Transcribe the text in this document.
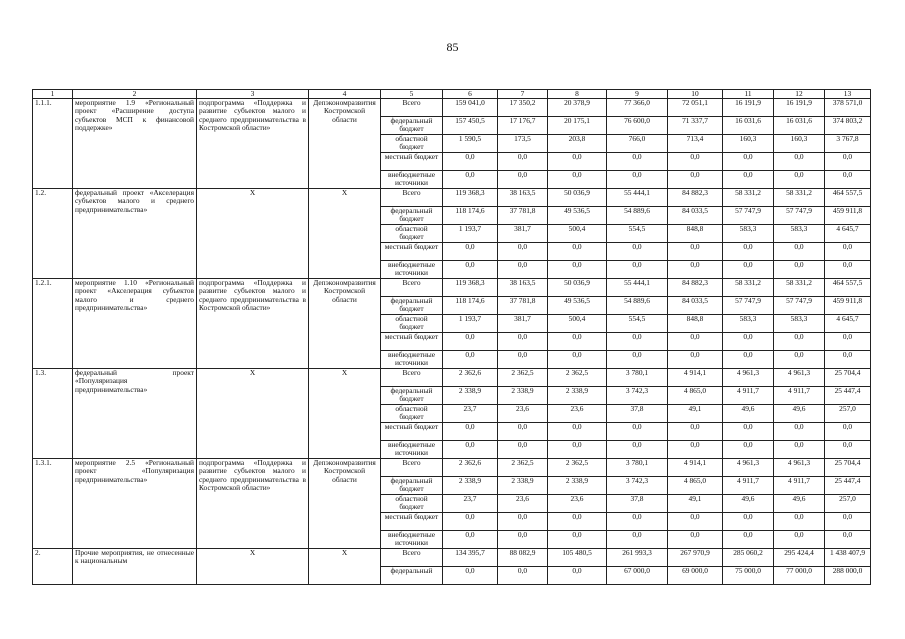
85
1	2	3	4	5	6	7	8	9	10	11	12	13
1.1.1.	мероприятие 1.9 «Региональный проект «Расширение доступа субъектов МСП к финансовой поддержке»	подпрограмма «Поддержка и развитие субъектов малого и среднего предпринимательства в Костромской области»	Депэкономразвития Костромской области	Всего	159 041,0	17 350,2	20 378,9	77 366,0	72 051,1	16 191,9	16 191,9	378 571,0
				федеральный бюджет	157 450,5	17 176,7	20 175,1	76 600,0	71 337,7	16 031,6	16 031,6	374 803,2
				областной бюджет	1 590,5	173,5	203,8	766,0	713,4	160,3	160,3	3 767,8
				местный бюджет	0,0	0,0	0,0	0,0	0,0	0,0	0,0	0,0
				внебюджетные источники	0,0	0,0	0,0	0,0	0,0	0,0	0,0	0,0
1.2.	федеральный проект «Акселерация субъектов малого и среднего предпринимательства»	X	X	Всего	119 368,3	38 163,5	50 036,9	55 444,1	84 882,3	58 331,2	58 331,2	464 557,5
				федеральный бюджет	118 174,6	37 781,8	49 536,5	54 889,6	84 033,5	57 747,9	57 747,9	459 911,8
				областной бюджет	1 193,7	381,7	500,4	554,5	848,8	583,3	583,3	4 645,7
				местный бюджет	0,0	0,0	0,0	0,0	0,0	0,0	0,0	0,0
				внебюджетные источники	0,0	0,0	0,0	0,0	0,0	0,0	0,0	0,0
1.2.1.	мероприятие 1.10 «Региональный проект «Акселерация субъектов малого и среднего предпринимательства»	подпрограмма «Поддержка и развитие субъектов малого и среднего предпринимательства в Костромской области»	Депэкономразвития Костромской области	Всего	119 368,3	38 163,5	50 036,9	55 444,1	84 882,3	58 331,2	58 331,2	464 557,5
				федеральный бюджет	118 174,6	37 781,8	49 536,5	54 889,6	84 033,5	57 747,9	57 747,9	459 911,8
				областной бюджет	1 193,7	381,7	500,4	554,5	848,8	583,3	583,3	4 645,7
				местный бюджет	0,0	0,0	0,0	0,0	0,0	0,0	0,0	0,0
				внебюджетные источники	0,0	0,0	0,0	0,0	0,0	0,0	0,0	0,0
1.3.	федеральный проект «Популяризация предпринимательства»	X	X	Всего	2 362,6	2 362,5	2 362,5	3 780,1	4 914,1	4 961,3	4 961,3	25 704,4
				федеральный бюджет	2 338,9	2 338,9	2 338,9	3 742,3	4 865,0	4 911,7	4 911,7	25 447,4
				областной бюджет	23,7	23,6	23,6	37,8	49,1	49,6	49,6	257,0
				местный бюджет	0,0	0,0	0,0	0,0	0,0	0,0	0,0	0,0
				внебюджетные источники	0,0	0,0	0,0	0,0	0,0	0,0	0,0	0,0
1.3.1.	мероприятие 2.5 «Региональный проект «Популяризация предпринимательства»	подпрограмма «Поддержка и развитие субъектов малого и среднего предпринимательства в Костромской области»	Депэкономразвития Костромской области	Всего	2 362,6	2 362,5	2 362,5	3 780,1	4 914,1	4 961,3	4 961,3	25 704,4
				федеральный бюджет	2 338,9	2 338,9	2 338,9	3 742,3	4 865,0	4 911,7	4 911,7	25 447,4
				областной бюджет	23,7	23,6	23,6	37,8	49,1	49,6	49,6	257,0
				местный бюджет	0,0	0,0	0,0	0,0	0,0	0,0	0,0	0,0
				внебюджетные источники	0,0	0,0	0,0	0,0	0,0	0,0	0,0	0,0
2.	Прочие мероприятия, не отнесенные к национальным	X	X	Всего	134 395,7	88 082,9	105 480,5	261 993,3	267 970,9	285 060,2	295 424,4	1 438 407,9
				федеральный	0,0	0,0	0,0	67 000,0	69 000,0	75 000,0	77 000,0	288 000,0
